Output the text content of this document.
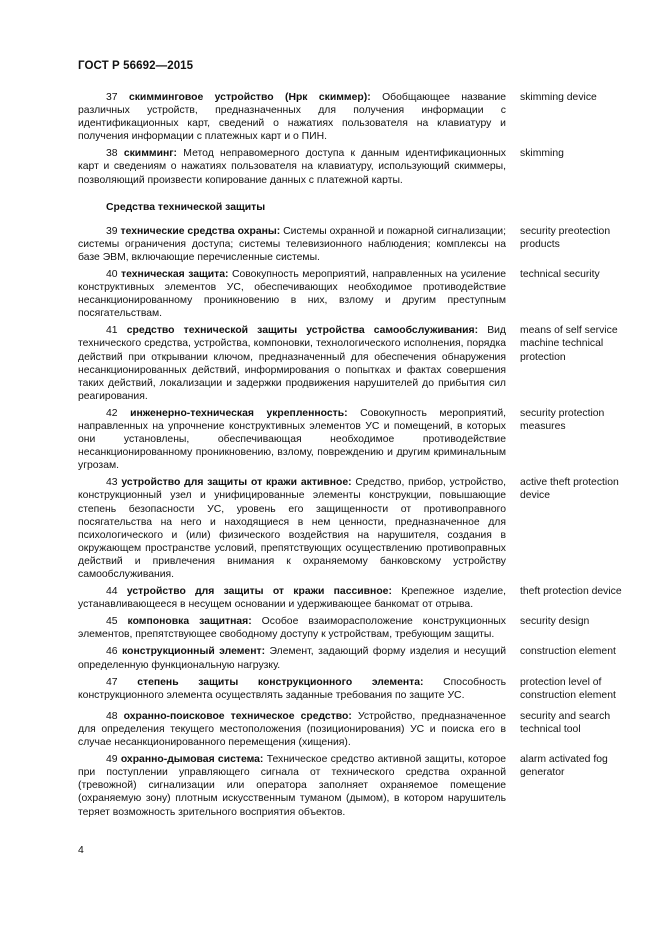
ГОСТ Р 56692—2015
37 скимминговое устройство (Нрк скиммер): Обобщающее название различных устройств, предназначенных для получения информации с идентификационных карт, сведений о нажатиях пользователя на клавиатуру и получения информации с платежных карт и о ПИН.
skimming device
38 скимминг: Метод неправомерного доступа к данным идентификационных карт и сведениям о нажатиях пользователя на клавиатуру, использующий скиммеры, позволяющий произвести копирование данных с платежной карты.
skimming
Средства технической защиты
39 технические средства охраны: Системы охранной и пожарной сигнализации; системы ограничения доступа; системы телевизионного наблюдения; комплексы на базе ЭВМ, включающие перечисленные системы.
security preotection products
40 техническая защита: Совокупность мероприятий, направленных на усиление конструктивных элементов УС, обеспечивающих необходимое противодействие несанкционированному проникновению в них, взлому и другим преступным посягательствам.
technical security
41 средство технической защиты устройства самообслуживания: Вид технического средства, устройства, компоновки, технологического исполнения, порядка действий при открывании ключом, предназначенный для обеспечения обнаружения несанкционированных действий, информирования о попытках и фактах совершения таких действий, локализации и задержки продвижения нарушителей до прибытия сил реагирования.
means of self service machine technical protection
42 инженерно-техническая укрепленность: Совокупность мероприятий, направленных на упрочнение конструктивных элементов УС и помещений, в которых они установлены, обеспечивающая необходимое противодействие несанкционированному проникновению, взлому, повреждению и другим криминальным угрозам.
security protection measures
43 устройство для защиты от кражи активное: Средство, прибор, устройство, конструкционный узел и унифицированные элементы конструкции, повышающие степень безопасности УС, уровень его защищенности от противоправного посягательства на него и находящиеся в нем ценности, предназначенное для психологического и (или) физического воздействия на нарушителя, создания в окружающем пространстве условий, препятствующих осуществлению противоправных действий и привлечения внимания к охраняемому банковскому устройству самообслуживания.
active theft protection device
44 устройство для защиты от кражи пассивное: Крепежное изделие, устанавливающееся в несущем основании и удерживающее банкомат от отрыва.
theft protection device
45 компоновка защитная: Особое взаиморасположение конструкционных элементов, препятствующее свободному доступу к устройствам, требующим защиты.
security design
46 конструкционный элемент: Элемент, задающий форму изделия и несущий определенную функциональную нагрузку.
construction element
47 степень защиты конструкционного элемента: Способность конструкционного элемента осуществлять заданные требования по защите УС.
protection level of construction element
48 охранно-поисковое техническое средство: Устройство, предназначенное для определения текущего местоположения (позиционирования) УС и поиска его в случае несанкционированного перемещения (хищения).
security and search technical tool
49 охранно-дымовая система: Техническое средство активной защиты, которое при поступлении управляющего сигнала от технического средства охранной (тревожной) сигнализации или оператора заполняет охраняемое помещение (охраняемую зону) плотным искусственным туманом (дымом), в котором нарушитель теряет возможность зрительного восприятия объектов.
alarm activated fog generator
4
